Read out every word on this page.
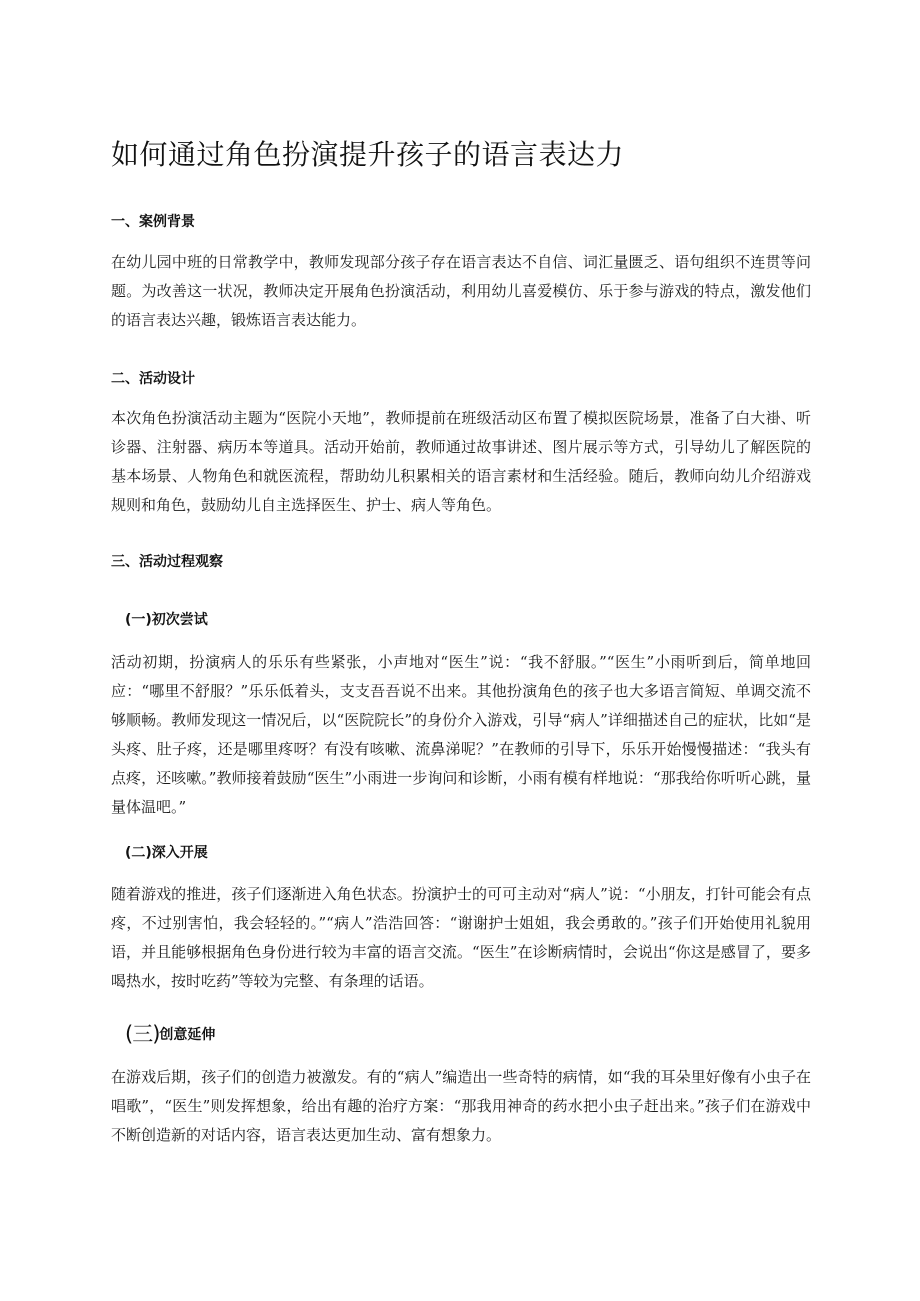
如何通过角色扮演提升孩子的语言表达力
一、案例背景

在幼儿园中班的日常教学中，教师发现部分孩子存在语言表达不自信、词汇量匮乏、语句组织不连贯等问题。为改善这一状况，教师决定开展角色扮演活动，利用幼儿喜爱模仿、乐于参与游戏的特点，激发他们的语言表达兴趣，锻炼语言表达能力。

二、活动设计

本次角色扮演活动主题为“医院小天地”，教师提前在班级活动区布置了模拟医院场景，准备了白大褂、听诊器、注射器、病历本等道具。活动开始前，教师通过故事讲述、图片展示等方式，引导幼儿了解医院的基本场景、人物角色和就医流程，帮助幼儿积累相关的语言素材和生活经验。随后，教师向幼儿介绍游戏规则和角色，鼓励幼儿自主选择医生、护士、病人等角色。

三、活动过程观察
(一)初次尝试

活动初期，扮演病人的乐乐有些紧张，小声地对“医生”说：“我不舒服。”“医生”小雨听到后，简单地回应：“哪里不舒服？”乐乐低着头，支支吾吾说不出来。其他扮演角色的孩子也大多语言简短、单调交流不够顺畅。教师发现这一情况后，以“医院院长”的身份介入游戏，引导“病人”详细描述自己的症状，比如“是头疼、肚子疼，还是哪里疼呀？有没有咳嗽、流鼻涕呢？”在教师的引导下，乐乐开始慢慢描述：“我头有点疼，还咳嗽。”教师接着鼓励“医生”小雨进一步询问和诊断，小雨有模有样地说：“那我给你听听心跳，量量体温吧。”

(二)深入开展

随着游戏的推进，孩子们逐渐进入角色状态。扮演护士的可可主动对“病人”说：“小朋友，打针可能会有点疼，不过别害怕，我会轻轻的。”“病人”浩浩回答：“谢谢护士姐姐，我会勇敢的。”孩子们开始使用礼貌用语，并且能够根据角色身份进行较为丰富的语言交流。“医生”在诊断病情时，会说出“你这是感冒了，要多喝热水，按时吃药”等较为完整、有条理的话语。

(三)创意延伸

在游戏后期，孩子们的创造力被激发。有的“病人”编造出一些奇特的病情，如“我的耳朵里好像有小虫子在唱歌”，“医生”则发挥想象，给出有趣的治疗方案：“那我用神奇的药水把小虫子赶出来。”孩子们在游戏中不断创造新的对话内容，语言表达更加生动、富有想象力。
